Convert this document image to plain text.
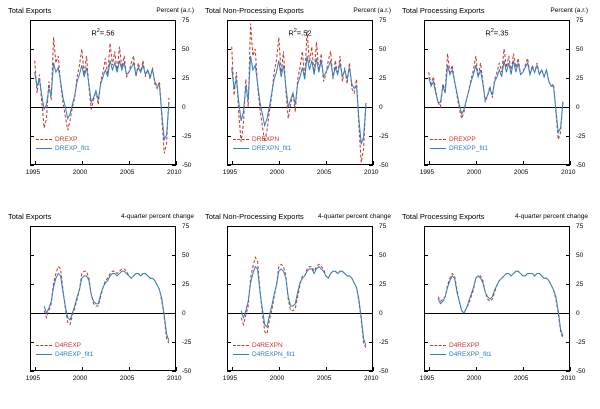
Total Exports	Percent (a.r.)
75
50
25
0
-25
-50
1995	2000	2005	2010
$R^2=.56$
DREXP
DREXP_fit1
Total Non-Processing Exports	Percent (a.r.)
75
50
25
0
-25
-50
1995	2000	2005	2010
$R^2=.52$
DREXPN
DREXPN_fit1
Total Processing Exports	Percent (a.r.)
75
50
25
0
-25
-50
1995	2000	2005	2010
$R^2=.35$
DREXPP
DREXPP_fit1
Total Exports	4-quarter percent change
75
50
25
0
-25
-50
1995	2000	2005	2010
D4REXP
D4REXP_fit1
Total Non-Processing Exports 4-quarter percent change
75
50
25
0
-25
-50
1995	2000	2005	2010
D4REXPN
D4REXPN_fit1
Total Processing Exports	4-quarter percent change
75
50
25
0
-25
-50
1995	2000	2005	2010
D4REXPP
D4REXPP_fit1
